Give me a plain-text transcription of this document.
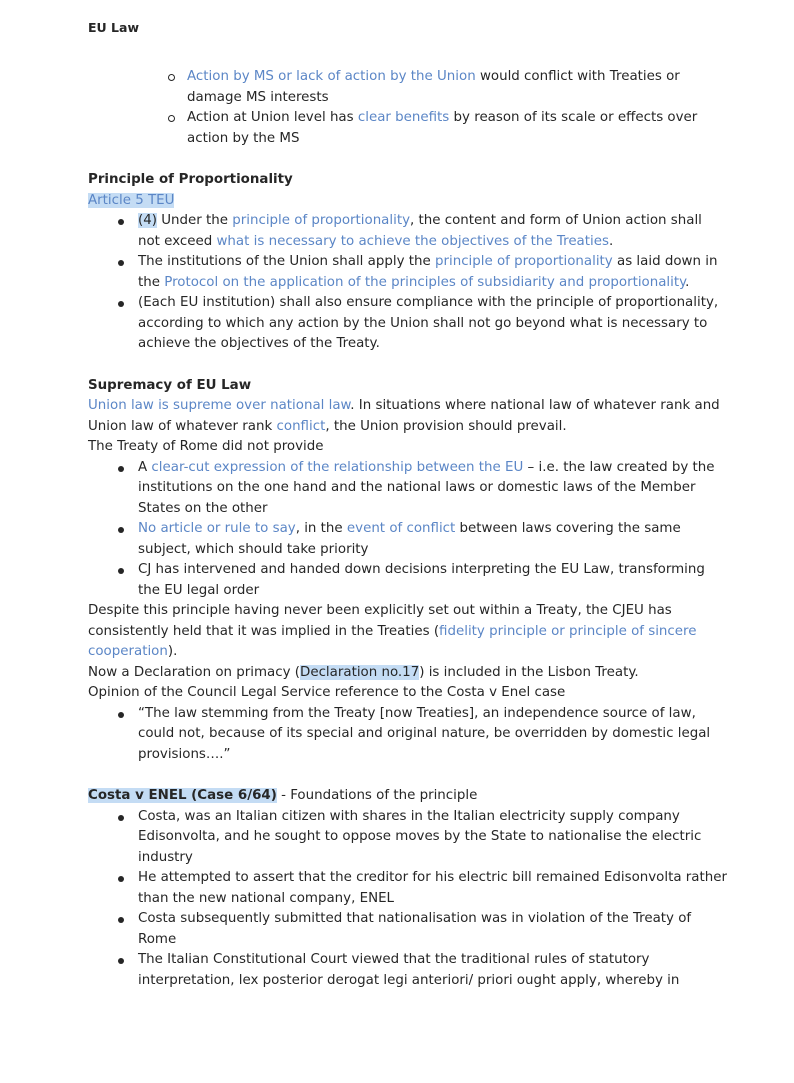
EU Law
Action by MS or lack of action by the Union would conflict with Treaties or damage MS interests
Action at Union level has clear benefits by reason of its scale or effects over action by the MS

Principle of Proportionality

Article 5 TEU

(4) Under the principle of proportionality, the content and form of Union action shall not exceed what is necessary to achieve the objectives of the Treaties.
The institutions of the Union shall apply the principle of proportionality as laid down in the Protocol on the application of the principles of subsidiarity and proportionality.
(Each EU institution) shall also ensure compliance with the principle of proportionality, according to which any action by the Union shall not go beyond what is necessary to achieve the objectives of the Treaty.

Supremacy of EU Law

Union law is supreme over national law. In situations where national law of whatever rank and Union law of whatever rank conflict, the Union provision should prevail.

The Treaty of Rome did not provide

A clear-cut expression of the relationship between the EU – i.e. the law created by the institutions on the one hand and the national laws or domestic laws of the Member States on the other
No article or rule to say, in the event of conflict between laws covering the same subject, which should take priority
CJ has intervened and handed down decisions interpreting the EU Law, transforming the EU legal order

Despite this principle having never been explicitly set out within a Treaty, the CJEU has consistently held that it was implied in the Treaties (fidelity principle or principle of sincere cooperation).

Now a Declaration on primacy (Declaration no.17) is included in the Lisbon Treaty.

Opinion of the Council Legal Service reference to the Costa v Enel case

“The law stemming from the Treaty [now Treaties], an independence source of law, could not, because of its special and original nature, be overridden by domestic legal provisions….”

Costa v ENEL (Case 6/64) - Foundations of the principle

Costa, was an Italian citizen with shares in the Italian electricity supply company Edisonvolta, and he sought to oppose moves by the State to nationalise the electric industry
He attempted to assert that the creditor for his electric bill remained Edisonvolta rather than the new national company, ENEL
Costa subsequently submitted that nationalisation was in violation of the Treaty of Rome
The Italian Constitutional Court viewed that the traditional rules of statutory interpretation, lex posterior derogat legi anteriori/ priori ought apply, whereby in
